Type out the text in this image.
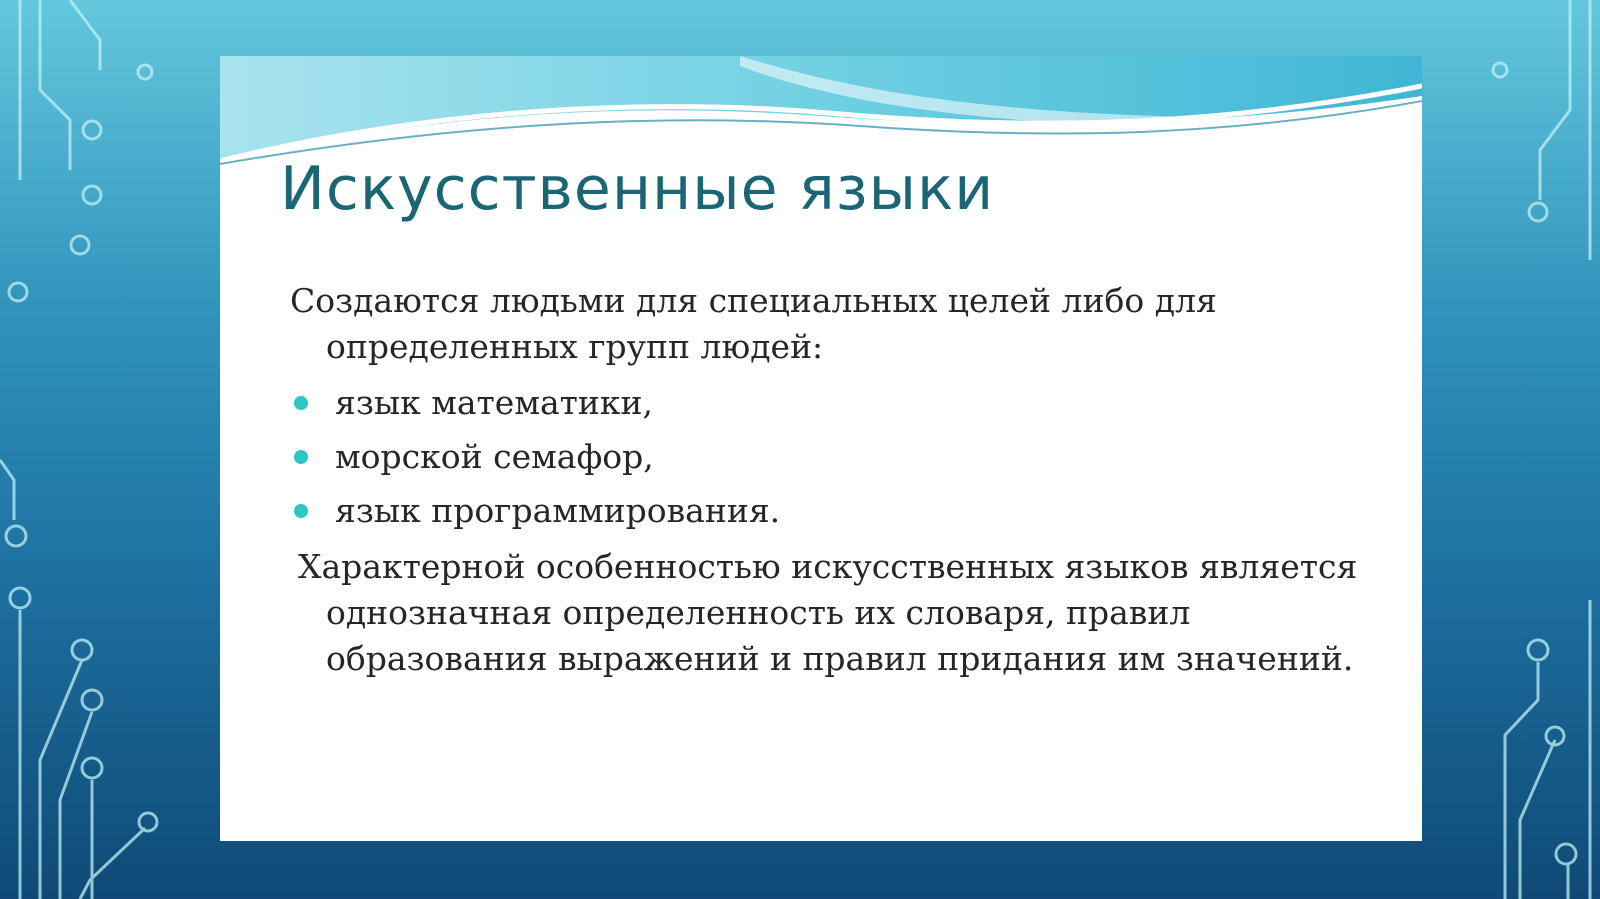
Искусственные языки

Создаются людьми для специальных целей либо для определенных групп людей:

язык математики,
морской семафор,
язык программирования.

Характерной особенностью искусственных языков является однозначная определенность их словаря, правил образования выражений и правил придания им значений.
